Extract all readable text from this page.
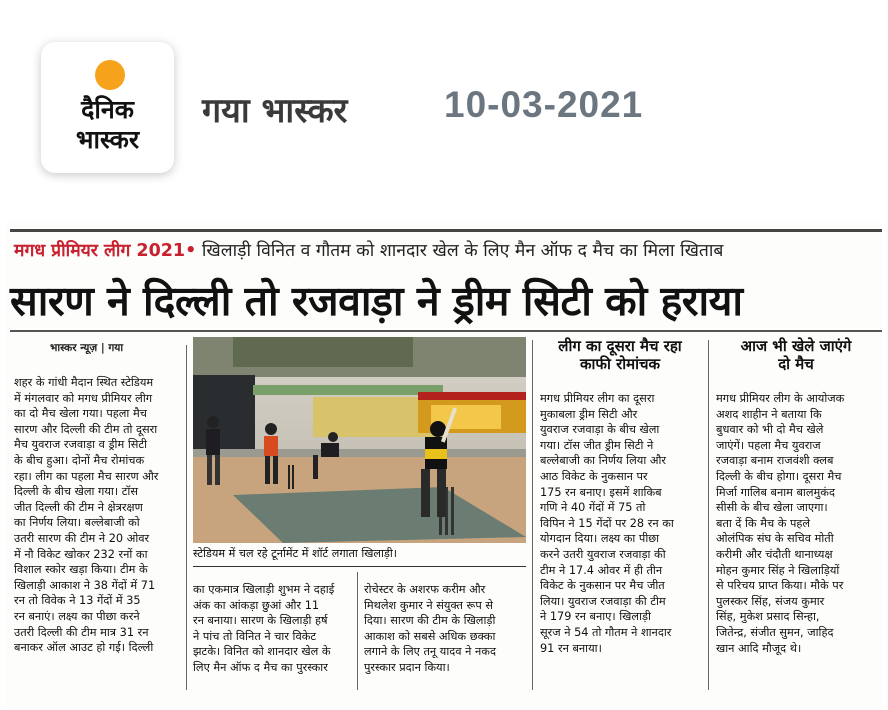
दैनिक
भास्कर
गया भास्कर	10-03-2021
मगध प्रीमियर लीग 2021• खिलाड़ी विनित व गौतम को शानदार खेल के लिए मैन ऑफ द मैच का मिला खिताब
सारण ने दिल्ली तो रजवाड़ा ने ड्रीम सिटी को हराया
भास्कर न्यूज़ | गया
स्टेडियम में चल रहे टूर्नामेंट में शॉर्ट लगाता खिलाड़ी।
शहर के गांधी मैदान स्थित स्टेडियम
में मंगलवार को मगध प्रीमियर लीग
का दो मैच खेला गया। पहला मैच
सारण और दिल्ली की टीम तो दूसरा
मैच युवराज रजवाड़ा व ड्रीम सिटी
के बीच हुआ। दोनों मैच रोमांचक
रहा। लीग का पहला मैच सारण और
दिल्ली के बीच खेला गया। टॉस
जीत दिल्ली की टीम ने क्षेत्ररक्षण
का निर्णय लिया। बल्लेबाजी को
उतरी सारण की टीम ने 20 ओवर
में नौ विकेट खोकर 232 रनों का
विशाल स्कोर खड़ा किया। टीम के
खिलाड़ी आकाश ने 38 गेंदों में 71
रन तो विवेक ने 13 गेंदों में 35
रन बनाएं। लक्ष्य का पीछा करने
उतरी दिल्ली की टीम मात्र 31 रन
बनाकर ऑल आउट हो गई। दिल्ली
का एकमात्र खिलाड़ी शुभम ने दहाई
अंक का आंकड़ा छुआं और 11
रन बनाया। सारण के खिलाड़ी हर्ष
ने पांच तो विनित ने चार विकेट
झटके। विनित को शानदार खेल के
लिए मैन ऑफ द मैच का पुरस्कार
रोचेस्टर के अशरफ करीम और
मिथलेश कुमार ने संयुक्त रूप से
दिया। सारण की टीम के खिलाड़ी
आकाश को सबसे अधिक छक्का
लगाने के लिए तनू यादव ने नकद
पुरस्कार प्रदान किया।
लीग का दूसरा मैच रहा
काफी रोमांचक
मगध प्रीमियर लीग का दूसरा
मुकाबला ड्रीम सिटी और
युवराज रजवाड़ा के बीच खेला
गया। टॉस जीत ड्रीम सिटी ने
बल्लेबाजी का निर्णय लिया और
आठ विकेट के नुकसान पर
175 रन बनाए। इसमें शाकिब
गणि ने 40 गेंदों में 75 तो
विपिन ने 15 गेंदों पर 28 रन का
योगदान दिया। लक्ष्य का पीछा
करने उतरी युवराज रजवाड़ा की
टीम ने 17.4 ओवर में ही तीन
विकेट के नुकसान पर मैच जीत
लिया। युवराज रजवाड़ा की टीम
ने 179 रन बनाए। खिलाड़ी
सूरज ने 54 तो गौतम ने शानदार
91 रन बनाया।
आज भी खेले जाएंगे
दो मैच
मगध प्रीमियर लीग के आयोजक
अशद शाहीन ने बताया कि
बुधवार को भी दो मैच खेले
जाएंगें। पहला मैच युवराज
रजवाड़ा बनाम राजवंशी क्लब
दिल्ली के बीच होगा। दूसरा मैच
मिर्जा गालिब बनाम बालमुकंद
सीसी के बीच खेला जाएगा।
बता दें कि मैच के पहले
ओलंपिक संघ के सचिव मोती
करीमी और चंदौती थानाध्यक्ष
मोहन कुमार सिंह ने खिलाड़ियों
से परिचय प्राप्त किया। मौके पर
पुलस्कर सिंह, संजय कुमार
सिंह, मुकेश प्रसाद सिन्हा,
जितेन्द्र, संजीत सुमन, जाहिद
खान आदि मौजूद थे।
